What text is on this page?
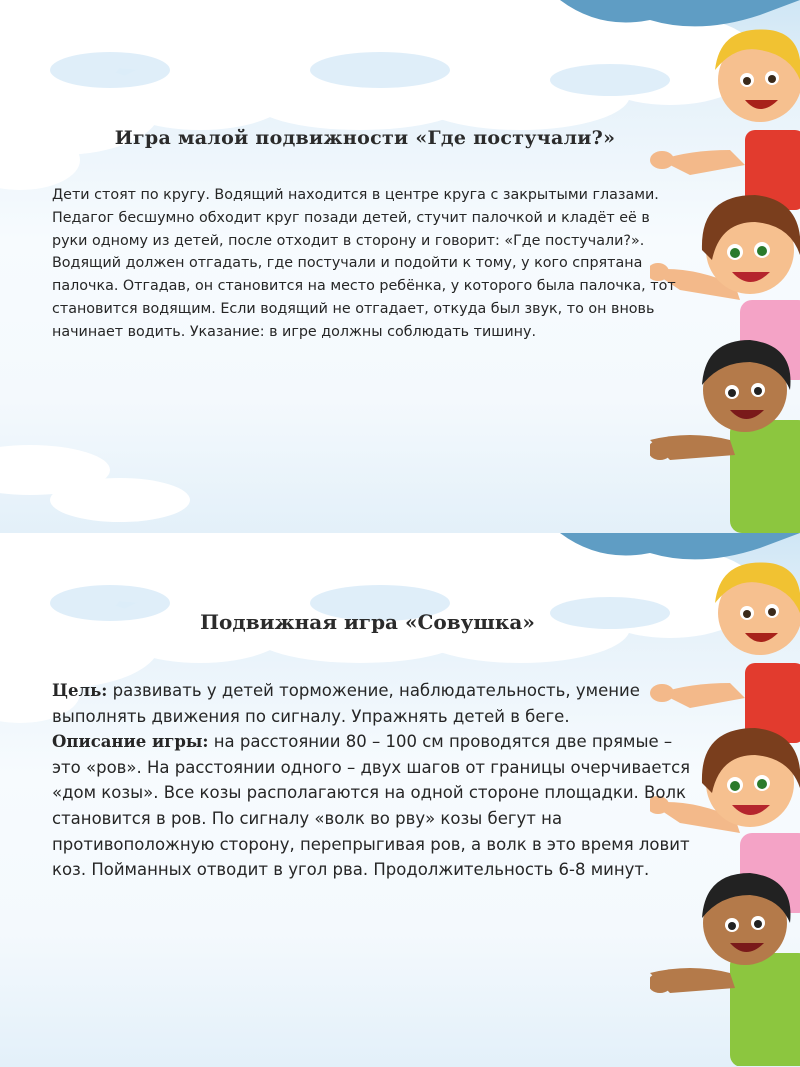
Игра малой подвижности «Где постучали?»

Дети стоят по кругу. Водящий находится в центре круга с закрытыми глазами. Педагог бесшумно обходит круг позади детей, стучит палочкой и кладёт её в руки одному из детей, после отходит в сторону и говорит: «Где постучали?». Водящий должен отгадать, где постучали и подойти к тому, у кого спрятана палочка. Отгадав, он становится на место ребёнка, у которого была палочка, тот становится водящим. Если водящий не отгадает, откуда был звук, то он вновь начинает водить. Указание: в игре должны соблюдать тишину.

Подвижная игра «Совушка»

Цель: развивать у детей торможение, наблюдательность, умение выполнять движения по сигналу. Упражнять детей в беге.
Описание игры: на расстоянии 80 – 100 см проводятся две прямые – это «ров». На расстоянии одного – двух шагов от границы очерчивается «дом козы». Все козы располагаются на одной стороне площадки. Волк становится в ров. По сигналу «волк во рву» козы бегут на противоположную сторону, перепрыгивая ров, а волк в это время ловит коз. Пойманных отводит в угол рва. Продолжительность 6-8 минут.
